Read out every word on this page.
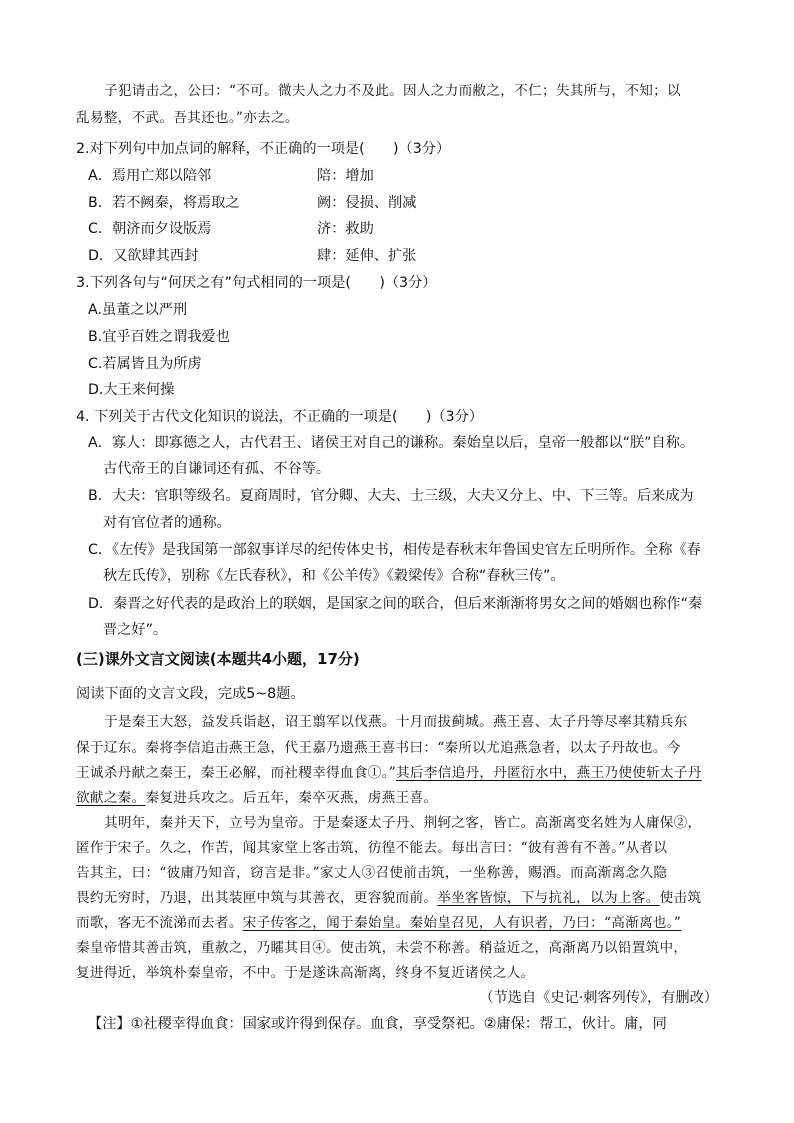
子犯请击之，公曰：“不可。微夫人之力不及此。因人之力而敝之，不仁；失其所与，不知；以
乱易整，不武。吾其还也。”亦去之。
2.对下列句中加点词的解释，不正确的一项是(　　)（3分）
A．焉用亡郑以陪邻	陪：增加
B．若不阙秦，将焉取之	阙：侵损、削减
C．朝济而夕设版焉	济：救助
D．又欲肆其西封	肆：延伸、扩张
3.下列各句与“何厌之有”句式相同的一项是(　　)（3分）
A.虽董之以严刑
B.宜乎百姓之谓我爱也
C.若属皆且为所虏
D.大王来何操
4. 下列关于古代文化知识的说法，不正确的一项是(　　)（3分）
A．寡人：即寡德之人，古代君王、诸侯王对自己的谦称。秦始皇以后，皇帝一般都以“朕”自称。
古代帝王的自谦词还有孤、不谷等。
B．大夫：官职等级名。夏商周时，官分卿、大夫、士三级，大夫又分上、中、下三等。后来成为
对有官位者的通称。
C．《左传》是我国第一部叙事详尽的纪传体史书，相传是春秋末年鲁国史官左丘明所作。全称《春
秋左氏传》，别称《左氏春秋》，和《公羊传》《穀梁传》合称“春秋三传”。
D．秦晋之好代表的是政治上的联姻，是国家之间的联合，但后来渐渐将男女之间的婚姻也称作“秦
晋之好”。
(三)课外文言文阅读(本题共4小题，17分)
阅读下面的文言文段，完成5~8题。
于是秦王大怒，益发兵诣赵，诏王翦军以伐燕。十月而拔蓟城。燕王喜、太子丹等尽率其精兵东
保于辽东。秦将李信追击燕王急，代王嘉乃遗燕王喜书曰：“秦所以尤追燕急者，以太子丹故也。今
王诚杀丹献之秦王，秦王必解，而社稷幸得血食①。”其后李信追丹，丹匿衍水中，燕王乃使使斩太子丹
欲献之秦。秦复进兵攻之。后五年，秦卒灭燕，虏燕王喜。
其明年，秦并天下，立号为皇帝。于是秦逐太子丹、荆轲之客，皆亡。高渐离变名姓为人庸保②，
匿作于宋子。久之，作苦，闻其家堂上客击筑，彷徨不能去。每出言曰：“彼有善有不善。”从者以
告其主，曰：“彼庸乃知音，窃言是非。”家丈人③召使前击筑，一坐称善，赐酒。而高渐离念久隐
畏约无穷时，乃退，出其装匣中筑与其善衣，更容貌而前。举坐客皆惊，下与抗礼，以为上客。使击筑
而歌，客无不流涕而去者。宋子传客之，闻于秦始皇。秦始皇召见，人有识者，乃曰：“高渐离也。”
秦皇帝惜其善击筑，重赦之，乃矐其目④。使击筑，未尝不称善。稍益近之，高渐离乃以铅置筑中，
复进得近，举筑朴秦皇帝，不中。于是遂诛高渐离，终身不复近诸侯之人。
（节选自《史记·刺客列传》，有删改）
【注】①社稷幸得血食：国家或许得到保存。血食，享受祭祀。②庸保：帮工，伙计。庸，同
